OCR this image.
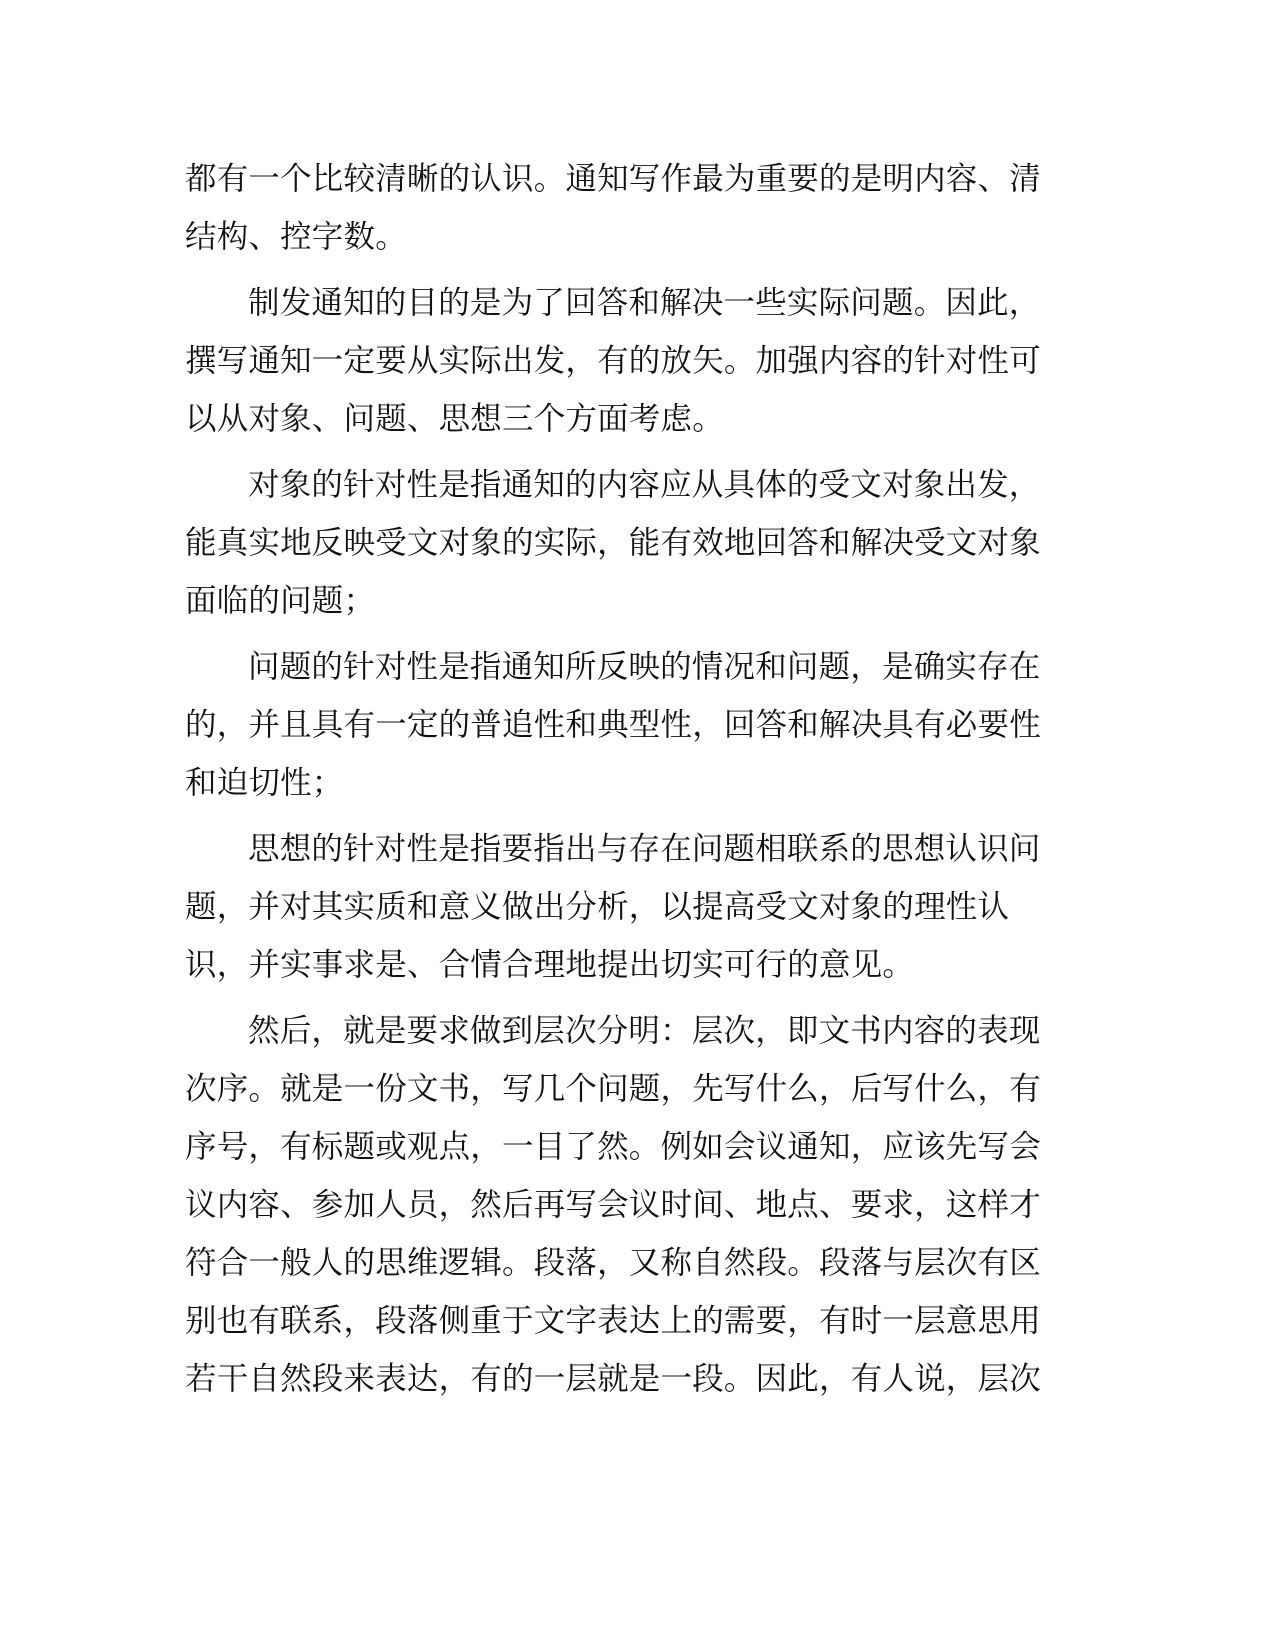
都有一个比较清晰的认识。通知写作最为重要的是明内容、清
结构、控字数。

制发通知的目的是为了回答和解决一些实际问题。因此，
撰写通知一定要从实际出发，有的放矢。加强内容的针对性可
以从对象、问题、思想三个方面考虑。

对象的针对性是指通知的内容应从具体的受文对象出发，
能真实地反映受文对象的实际，能有效地回答和解决受文对象
面临的问题；

问题的针对性是指通知所反映的情况和问题，是确实存在
的，并且具有一定的普追性和典型性，回答和解决具有必要性
和迫切性；

思想的针对性是指要指出与存在问题相联系的思想认识问
题，并对其实质和意义做出分析，以提高受文对象的理性认
识，并实事求是、合情合理地提出切实可行的意见。

然后，就是要求做到层次分明：层次，即文书内容的表现
次序。就是一份文书，写几个问题，先写什么，后写什么，有
序号，有标题或观点，一目了然。例如会议通知，应该先写会
议内容、参加人员，然后再写会议时间、地点、要求，这样才
符合一般人的思维逻辑。段落，又称自然段。段落与层次有区
别也有联系，段落侧重于文字表达上的需要，有时一层意思用
若干自然段来表达，有的一层就是一段。因此，有人说，层次
